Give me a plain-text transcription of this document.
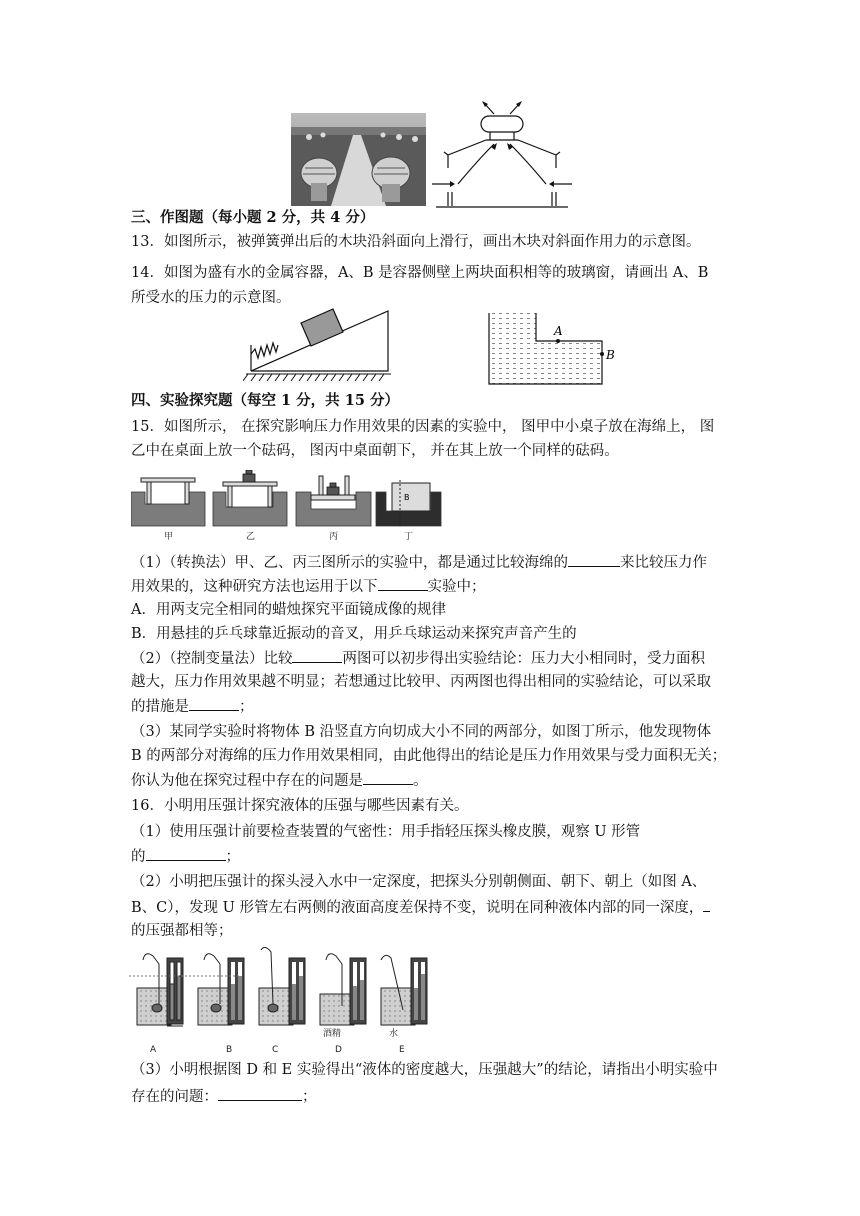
三、作图题（每小题 2 分，共 4 分）
13．如图所示，被弹簧弹出后的木块沿斜面向上滑行，画出木块对斜面作用力的示意图。
14．如图为盛有水的金属容器，A、B 是容器侧壁上两块面积相等的玻璃窗，请画出 A、B
所受水的压力的示意图。
A
B
四、实验探究题（每空 1 分，共 15 分）
15．如图所示， 在探究影响压力作用效果的因素的实验中， 图甲中小桌子放在海绵上， 图
乙中在桌面上放一个砝码， 图丙中桌面朝下， 并在其上放一个同样的砝码。
B
甲	乙	丙	丁
（1）（转换法）甲、乙、丙三图所示的实验中，都是通过比较海绵的	来比较压力作
用效果的，这种研究方法也运用于以下	实验中；
A．用两支完全相同的蜡烛探究平面镜成像的规律
B．用悬挂的乒乓球靠近振动的音叉，用乒乓球运动来探究声音产生的
（2）（控制变量法）比较	两图可以初步得出实验结论：压力大小相同时，受力面积
越大，压力作用效果越不明显；若想通过比较甲、丙两图也得出相同的实验结论，可以采取
的措施是	；
（3）某同学实验时将物体 B 沿竖直方向切成大小不同的两部分，如图丁所示，他发现物体
B 的两部分对海绵的压力作用效果相同，由此他得出的结论是压力作用效果与受力面积无关；
你认为他在探究过程中存在的问题是	。
16．小明用压强计探究液体的压强与哪些因素有关。
（1）使用压强计前要检查装置的气密性：用手指轻压探头橡皮膜，观察 U 形管
的	；
（2）小明把压强计的探头浸入水中一定深度，把探头分别朝侧面、朝下、朝上（如图 A、
B、C），发现 U 形管左右两侧的液面高度差保持不变，说明在同种液体内部的同一深度，
的压强都相等；
酒精	水
A	B	C	D	E
（3）小明根据图 D 和 E 实验得出“液体的密度越大，压强越大”的结论，请指出小明实验中
存在的问题：	；
